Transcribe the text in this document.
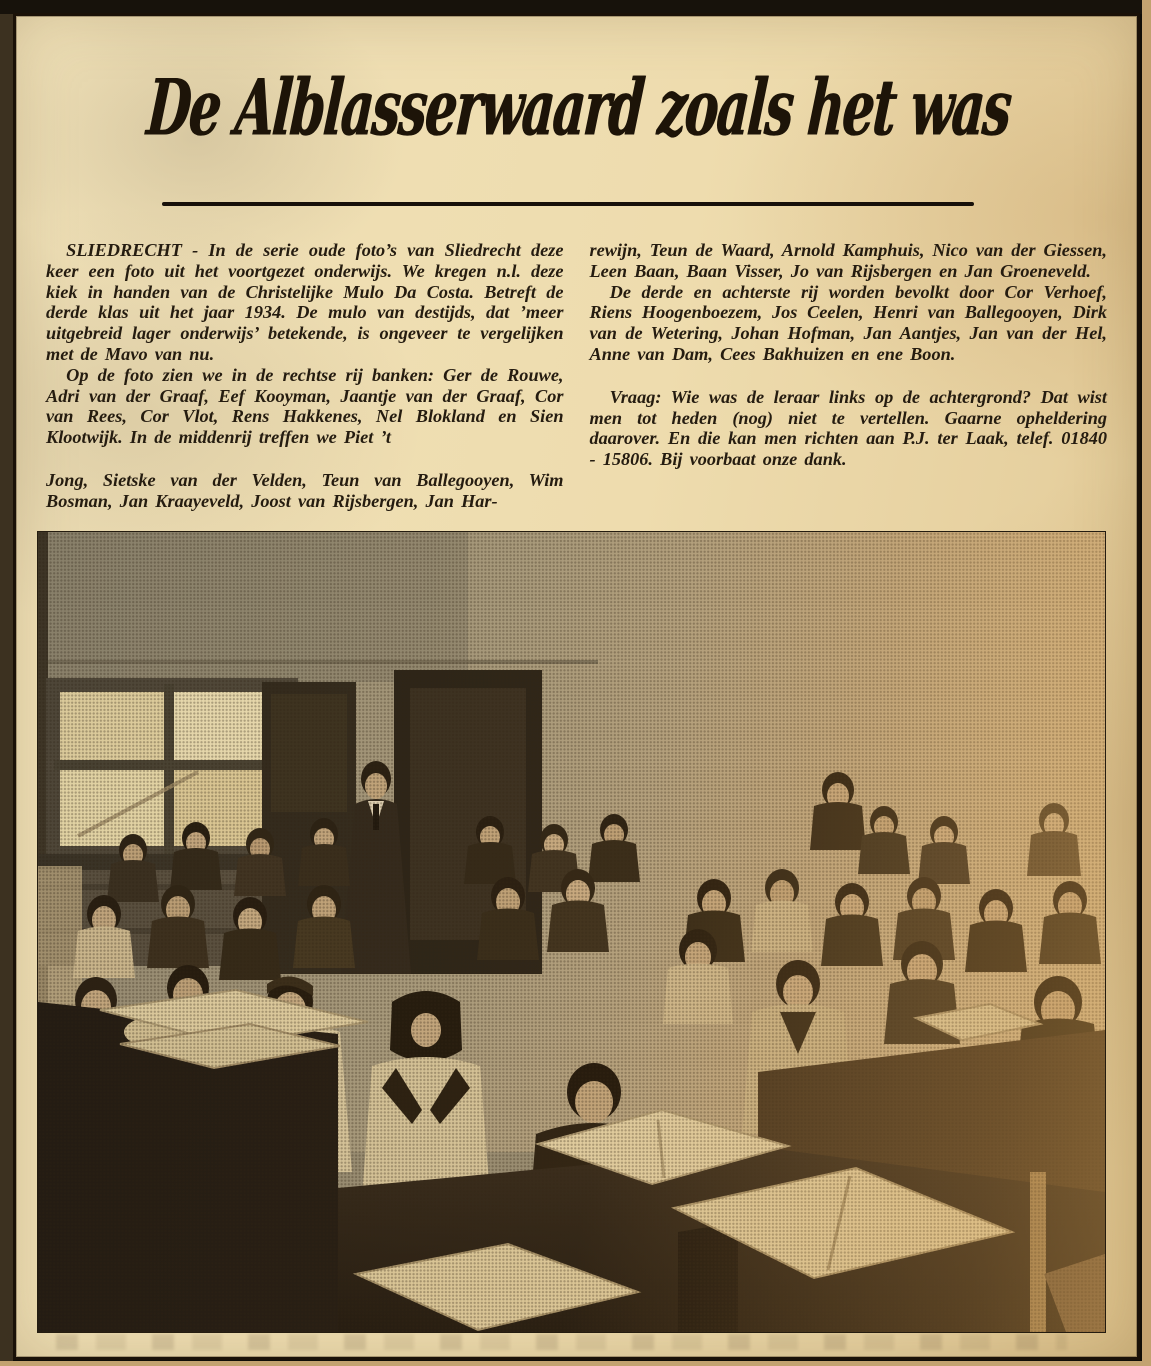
De Alblasserwaard zoals het was

SLIEDRECHT - In de serie oude foto’s van Sliedrecht deze keer een foto uit het voortgezet onderwijs. We kregen n.l. deze kiek in handen van de Christelijke Mulo Da Costa. Betreft de derde klas uit het jaar 1934. De mulo van destijds, dat ’meer uitgebreid lager onderwijs’ betekende, is ongeveer te vergelijken met de Mavo van nu.

Op de foto zien we in de rechtse rij banken: Ger de Rouwe, Adri van der Graaf, Eef Kooyman, Jaantje van der Graaf, Cor van Rees, Cor Vlot, Rens Hakkenes, Nel Blokland en Sien Klootwijk. In de middenrij treffen we Piet ’t

Jong, Sietske van der Velden, Teun van Ballegooyen, Wim Bosman, Jan Kraayeveld, Joost van Rijsbergen, Jan Har-

rewijn, Teun de Waard, Arnold Kamphuis, Nico van der Giessen, Leen Baan, Baan Visser, Jo van Rijsbergen en Jan Groeneveld.

De derde en achterste rij worden bevolkt door Cor Verhoef, Riens Hoogenboezem, Jos Ceelen, Henri van Ballegooyen, Dirk van de Wetering, Johan Hofman, Jan Aantjes, Jan van der Hel, Anne van Dam, Cees Bakhuizen en ene Boon.

Vraag: Wie was de leraar links op de achtergrond? Dat wist men tot heden (nog) niet te vertellen. Gaarne opheldering daarover. En die kan men richten aan P.J. ter Laak, telef. 01840 - 15806. Bij voorbaat onze dank.
